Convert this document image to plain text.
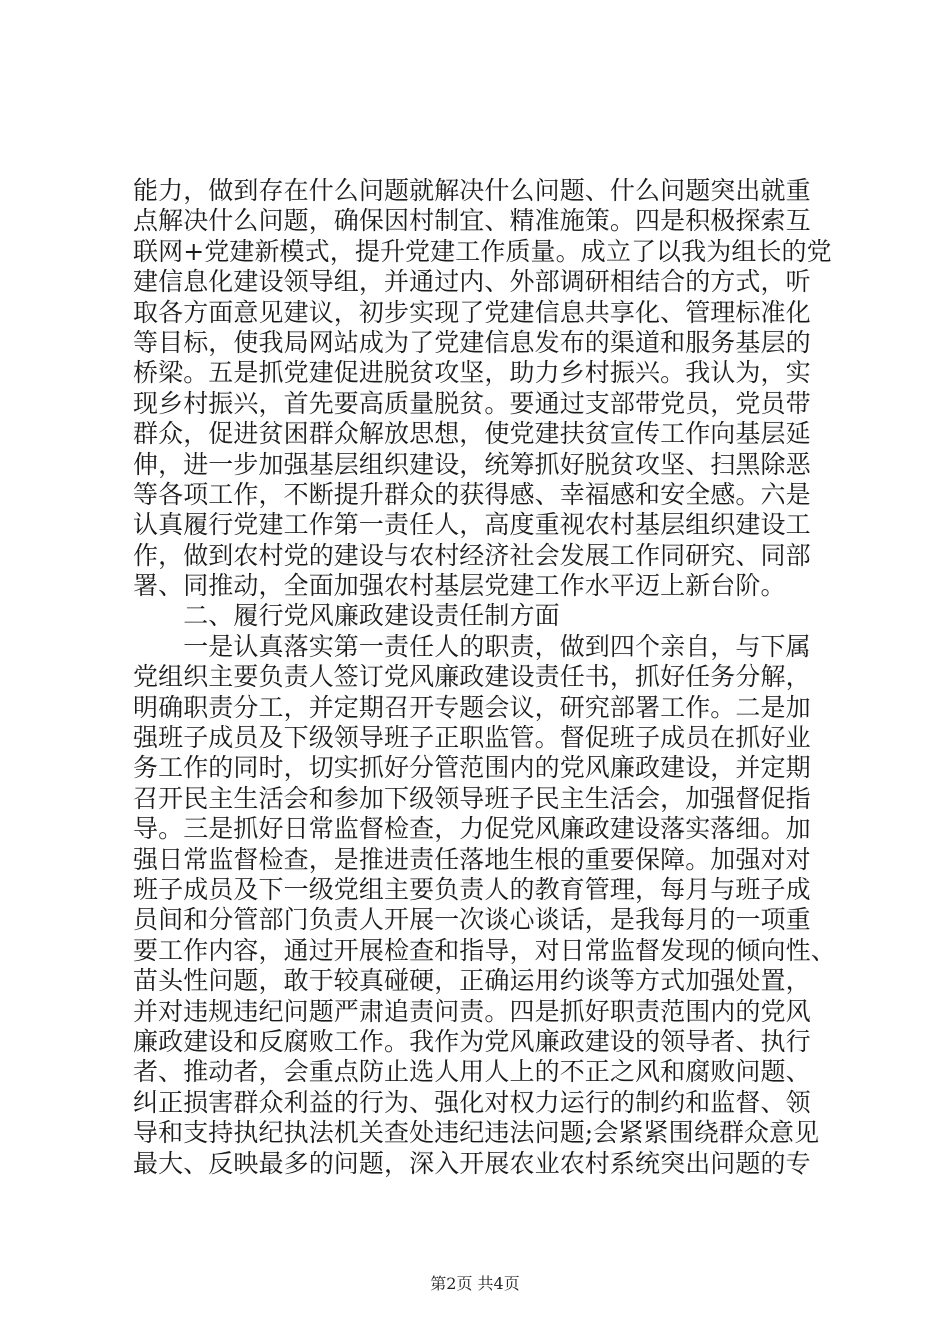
能力，做到存在什么问题就解决什么问题、什么问题突出就重
点解决什么问题，确保因村制宜、精准施策。四是积极探索互
联网+党建新模式，提升党建工作质量。成立了以我为组长的党
建信息化建设领导组，并通过内、外部调研相结合的方式，听
取各方面意见建议，初步实现了党建信息共享化、管理标准化
等目标，使我局网站成为了党建信息发布的渠道和服务基层的
桥梁。五是抓党建促进脱贫攻坚，助力乡村振兴。我认为，实
现乡村振兴，首先要高质量脱贫。要通过支部带党员，党员带
群众，促进贫困群众解放思想，使党建扶贫宣传工作向基层延
伸，进一步加强基层组织建设，统筹抓好脱贫攻坚、扫黑除恶
等各项工作，不断提升群众的获得感、幸福感和安全感。六是
认真履行党建工作第一责任人，高度重视农村基层组织建设工
作，做到农村党的建设与农村经济社会发展工作同研究、同部
署、同推动，全面加强农村基层党建工作水平迈上新台阶。
　　二、履行党风廉政建设责任制方面
　　一是认真落实第一责任人的职责，做到四个亲自，与下属
党组织主要负责人签订党风廉政建设责任书，抓好任务分解，
明确职责分工，并定期召开专题会议，研究部署工作。二是加
强班子成员及下级领导班子正职监管。督促班子成员在抓好业
务工作的同时，切实抓好分管范围内的党风廉政建设，并定期
召开民主生活会和参加下级领导班子民主生活会，加强督促指
导。三是抓好日常监督检查，力促党风廉政建设落实落细。加
强日常监督检查，是推进责任落地生根的重要保障。加强对对
班子成员及下一级党组主要负责人的教育管理，每月与班子成
员间和分管部门负责人开展一次谈心谈话，是我每月的一项重
要工作内容，通过开展检查和指导，对日常监督发现的倾向性、
苗头性问题，敢于较真碰硬，正确运用约谈等方式加强处置，
并对违规违纪问题严肃追责问责。四是抓好职责范围内的党风
廉政建设和反腐败工作。我作为党风廉政建设的领导者、执行
者、推动者，会重点防止选人用人上的不正之风和腐败问题、
纠正损害群众利益的行为、强化对权力运行的制约和监督、领
导和支持执纪执法机关查处违纪违法问题;会紧紧围绕群众意见
最大、反映最多的问题，深入开展农业农村系统突出问题的专
第2页 共4页
